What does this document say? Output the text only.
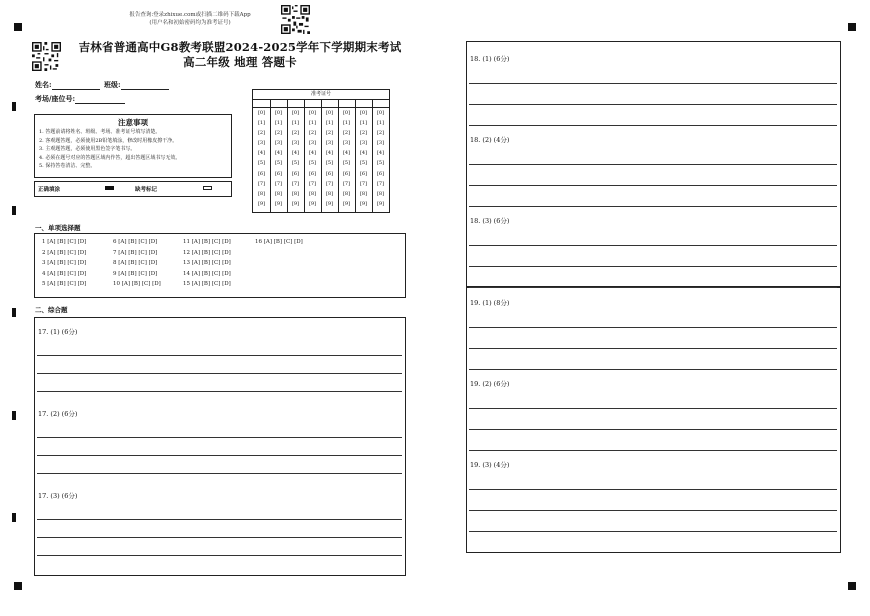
报告查询:登录zhixue.com或扫描二维码下载App
(用户名和初始密码均为准考证号)
吉林省普通高中G8教考联盟2024-2025学年下学期期末考试
高二年级 地理 答题卡
姓名:	班级:
考场/座位号:
注意事项
1. 答题前请将姓名、班级、考场、准考证号填写清楚。
2. 客观题答题，必须使用2B铅笔填涂，修改时用橡皮擦干净。
3. 主观题答题，必须使用黑色签字笔书写。
4. 必须在题号对应的答题区域内作答，超出答题区域书写无效。
5. 保持答卷清洁、完整。
正确填涂	缺考标记
准考证号
[0]
[1]
[2]
[3]
[4]
[5]
[6]
[7]
[8]
[9]
[0]
[1]
[2]
[3]
[4]
[5]
[6]
[7]
[8]
[9]
[0]
[1]
[2]
[3]
[4]
[5]
[6]
[7]
[8]
[9]
[0]
[1]
[2]
[3]
[4]
[5]
[6]
[7]
[8]
[9]
[0]
[1]
[2]
[3]
[4]
[5]
[6]
[7]
[8]
[9]
[0]
[1]
[2]
[3]
[4]
[5]
[6]
[7]
[8]
[9]
[0]
[1]
[2]
[3]
[4]
[5]
[6]
[7]
[8]
[9]
[0]
[1]
[2]
[3]
[4]
[5]
[6]
[7]
[8]
[9]
一、单项选择题
1 [A] [B] [C] [D]
2 [A] [B] [C] [D]
3 [A] [B] [C] [D]
4 [A] [B] [C] [D]
5 [A] [B] [C] [D]
6 [A] [B] [C] [D]
7 [A] [B] [C] [D]
8 [A] [B] [C] [D]
9 [A] [B] [C] [D]
10 [A] [B] [C] [D]
11 [A] [B] [C] [D]
12 [A] [B] [C] [D]
13 [A] [B] [C] [D]
14 [A] [B] [C] [D]
15 [A] [B] [C] [D]
16 [A] [B] [C] [D]
二、综合题
17. (1) (6分)
17. (2) (6分)
17. (3) (6分)
18. (1) (6分)
18. (2) (4分)
18. (3) (6分)
19. (1) (8分)
19. (2) (6分)
19. (3) (4分)
